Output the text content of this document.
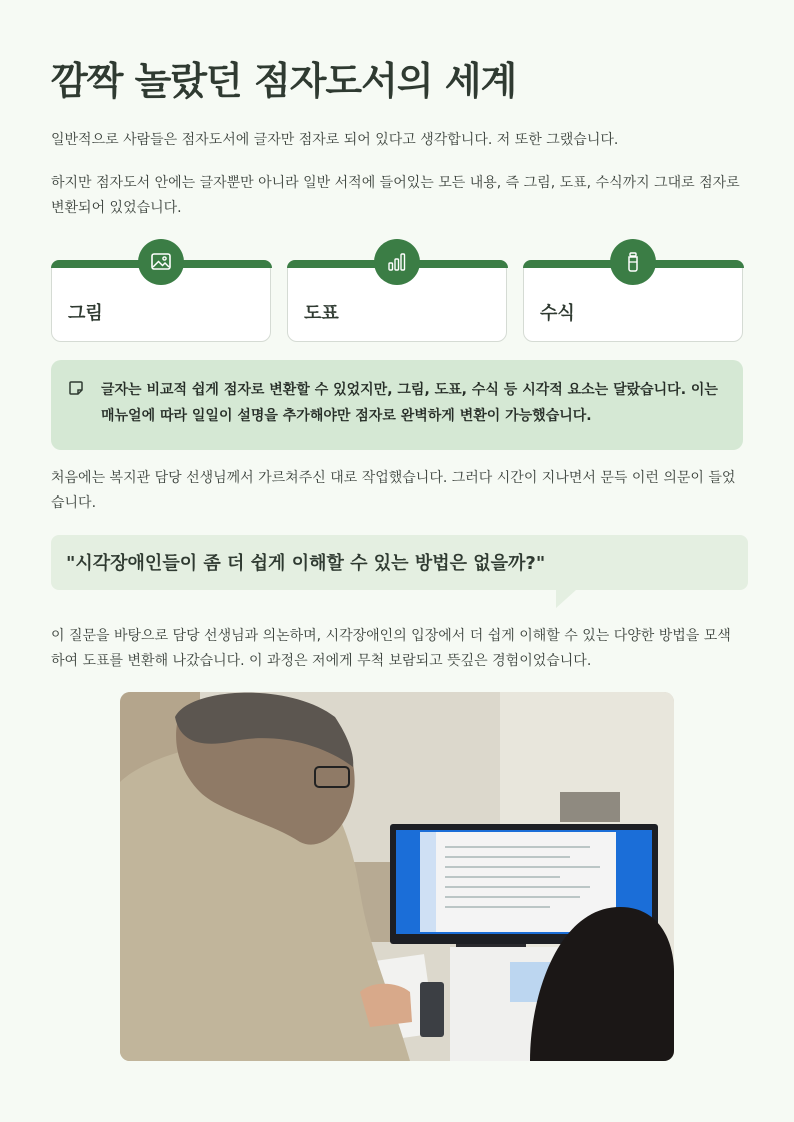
깜짝 놀랐던 점자도서의 세계

일반적으로 사람들은 점자도서에 글자만 점자로 되어 있다고 생각합니다. 저 또한 그랬습니다.

하지만 점자도서 안에는 글자뿐만 아니라 일반 서적에 들어있는 모든 내용, 즉 그림, 도표, 수식까지 그대로 점자로 변환되어 있었습니다.

그림	도표	수식

글자는 비교적 쉽게 점자로 변환할 수 있었지만, 그림, 도표, 수식 등 시각적 요소는 달랐습니다. 이는 매뉴얼에 따라 일일이 설명을 추가해야만 점자로 완벽하게 변환이 가능했습니다.

처음에는 복지관 담당 선생님께서 가르쳐주신 대로 작업했습니다. 그러다 시간이 지나면서 문득 이런 의문이 들었습니다.

"시각장애인들이 좀 더 쉽게 이해할 수 있는 방법은 없을까?"

이 질문을 바탕으로 담당 선생님과 의논하며, 시각장애인의 입장에서 더 쉽게 이해할 수 있는 다양한 방법을 모색하여 도표를 변환해 나갔습니다. 이 과정은 저에게 무척 보람되고 뜻깊은 경험이었습니다.
